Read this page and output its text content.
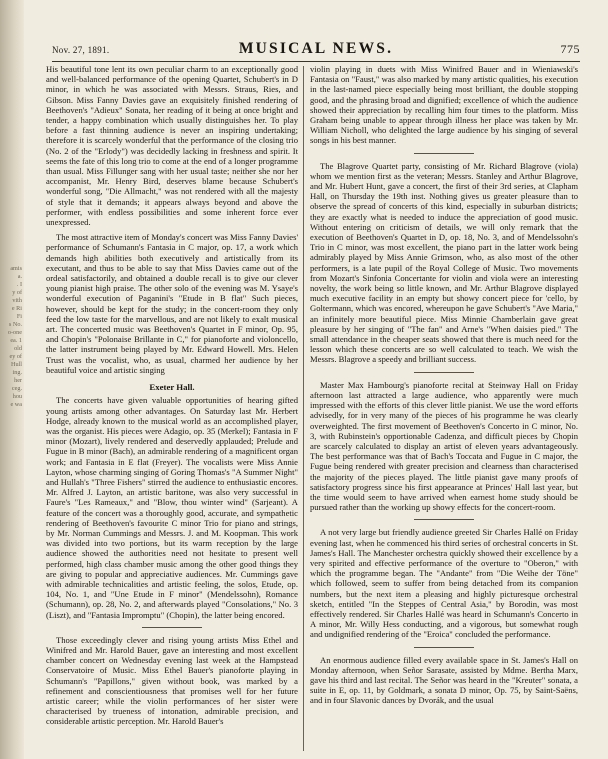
amis
a.
. I
y of
vith
e Ri
Fi
s No.
o-one
ea. 1
old
ey of
Hull
ing.
her
ceg.
hou
e wa
Nov. 27, 1891.	MUSICAL NEWS.	775

His beautiful tone lent its own peculiar charm to an exceptionally good and well-balanced performance of the opening Quartet, Schubert's in D minor, in which he was associated with Messrs. Straus, Ries, and Gibson. Miss Fanny Davies gave an exquisitely finished rendering of Beethoven's "Adieux" Sonata, her reading of it being at once bright and tender, a happy combination which usually distinguishes her. To play before a fast thinning audience is never an inspiring undertaking; therefore it is scarcely wonderful that the performance of the closing trio (No. 2 of the "Erlody") was decidedly lacking in freshness and spirit. It seems the fate of this long trio to come at the end of a longer programme than usual. Miss Fillunger sang with her usual taste; neither she nor her accompanist, Mr. Henry Bird, deserves blame because Schubert's wonderful song, "Die Allmacht," was not rendered with all the majesty of style that it demands; it appears always beyond and above the performer, with endless possibilities and some inherent force ever unexpressed.

The most attractive item of Monday's concert was Miss Fanny Davies' performance of Schumann's Fantasia in C major, op. 17, a work which demands high abilities both executively and artistically from its executant, and thus to be able to say that Miss Davies came out of the ordeal satisfactorily, and obtained a double recall is to give our clever young pianist high praise. The other solo of the evening was M. Ysaye's wonderful execution of Paganini's "Etude in B flat" Such pieces, however, should be kept for the study; in the concert-room they only feed the low taste for the marvellous, and are not likely to exalt musical art. The concerted music was Beethoven's Quartet in F minor, Op. 95, and Chopin's "Polonaise Brillante in C," for pianoforte and violoncello, the latter instrument being played by Mr. Edward Howell. Mrs. Helen Trust was the vocalist, who, as usual, charmed her audience by her beautiful voice and artistic singing

Exeter Hall.

The concerts have given valuable opportunities of hearing gifted young artists among other advantages. On Saturday last Mr. Herbert Hodge, already known to the musical world as an accomplished player, was the organist. His pieces were Adagio, op. 35 (Merkel); Fantasia in F minor (Mozart), lively rendered and deservedly applauded; Prelude and Fugue in B minor (Bach), an admirable rendering of a magnificent organ work; and Fantasia in E flat (Freyer). The vocalists were Miss Annie Layton, whose charming singing of Goring Thomas's "A Summer Night" and Hullah's "Three Fishers" stirred the audience to enthusiastic encores. Mr. Alfred J. Layton, an artistic baritone, was also very successful in Faure's "Les Rameaux," and "Blow, thou winter wind" (Sarjeant). A feature of the concert was a thoroughly good, accurate, and sympathetic rendering of Beethoven's favourite C minor Trio for piano and strings, by Mr. Norman Cummings and Messrs. J. and M. Koopman. This work was divided into two portions, but its warm reception by the large audience showed the authorities need not hesitate to present well performed, high class chamber music among the other good things they are giving to popular and appreciative audiences. Mr. Cummings gave with admirable technicalities and artistic feeling, the solos, Etude, op. 104, No. 1, and "Une Etude in F minor" (Mendelssohn), Romance (Schumann), op. 28, No. 2, and afterwards played "Consolations," No. 3 (Liszt), and "Fantasia Impromptu" (Chopin), the latter being encored.

Those exceedingly clever and rising young artists Miss Ethel and Winifred and Mr. Harold Bauer, gave an interesting and most excellent chamber concert on Wednesday evening last week at the Hampstead Conservatoire of Music. Miss Ethel Bauer's pianoforte playing in Schumann's "Papillons," given without book, was marked by a refinement and conscientiousness that promises well for her future artistic career; while the violin performances of her sister were characterised by trueness of intonation, admirable precision, and considerable artistic perception. Mr. Harold Bauer's

violin playing in duets with Miss Winifred Bauer and in Wieniawski's Fantasia on "Faust," was also marked by many artistic qualities, his execution in the last-named piece especially being most brilliant, the double stopping good, and the phrasing broad and dignified; excellence of which the audience showed their appreciation by recalling him four times to the platform. Miss Graham being unable to appear through illness her place was taken by Mr. William Nicholl, who delighted the large audience by his singing of several songs in his best manner.

The Blagrove Quartet party, consisting of Mr. Richard Blagrove (viola) whom we mention first as the veteran; Messrs. Stanley and Arthur Blagrove, and Mr. Hubert Hunt, gave a concert, the first of their 3rd series, at Clapham Hall, on Thursday the 19th inst. Nothing gives us greater pleasure than to observe the spread of concerts of this kind, especially in suburban districts; they are exactly what is needed to induce the appreciation of good music. Without entering on criticism of details, we will only remark that the execution of Beethoven's Quartet in D, op. 18, No. 3, and of Mendelssohn's Trio in C minor, was most excellent, the piano part in the latter work being admirably played by Miss Annie Grimson, who, as also most of the other performers, is a late pupil of the Royal College of Music. Two movements from Mozart's Sinfonia Concertante for violin and viola were an interesting novelty, the work being so little known, and Mr. Arthur Blagrove displayed much executive facility in an empty but showy concert piece for 'cello, by Goltermann, which was encored, whereupon he gave Schubert's "Ave Maria," an infinitely more beautiful piece. Miss Minnie Chamberlain gave great pleasure by her singing of "The fan" and Arne's "When daisies pied." The small attendance in the cheaper seats showed that there is much need for the lesson which these concerts are so well calculated to teach. We wish the Messrs. Blagrove a speedy and brilliant success.

Master Max Hambourg's pianoforte recital at Steinway Hall on Friday afternoon last attracted a large audience, who apparently were much impressed with the efforts of this clever little pianist. We use the word efforts advisedly, for in very many of the pieces of his programme he was clearly overweighted. The first movement of Beethoven's Concerto in C minor, No. 3, with Rubinstein's opportionable Cadenza, and difficult pieces by Chopin are scarcely calculated to display an artist of eleven years advantageously. The best performance was that of Bach's Toccata and Fugue in C major, the Fugue being rendered with greater precision and clearness than characterised the majority of the pieces played. The little pianist gave many proofs of satisfactory progress since his first appearance at Princes' Hall last year, but the time would seem to have arrived when earnest home study should be pursued rather than the working up showy effects for the concert-room.

A not very large but friendly audience greeted Sir Charles Hallé on Friday evening last, when he commenced his third series of orchestral concerts in St. James's Hall. The Manchester orchestra quickly showed their excellence by a very spirited and effective performance of the overture to "Oberon," with which the programme began. The "Andante" from "Die Weihe der Töne" which followed, seem to suffer from being detached from its companion numbers, but the next item a pleasing and highly picturesque orchestral sketch, entitled "In the Steppes of Central Asia," by Borodin, was most effectively rendered. Sir Charles Hallé was heard in Schumann's Concerto in A minor, Mr. Willy Hess conducting, and a vigorous, but somewhat rough and undignified rendering of the "Eroica" concluded the performance.

An enormous audience filled every available space in St. James's Hall on Monday afternoon, when Señor Sarasate, assisted by Mdme. Bertha Marx, gave his third and last recital. The Señor was heard in the "Kreuter" sonata, a suite in E, op. 11, by Goldmark, a sonata D minor, Op. 75, by Saint-Saëns, and in four Slavonic dances by Dvorák, and the usual
